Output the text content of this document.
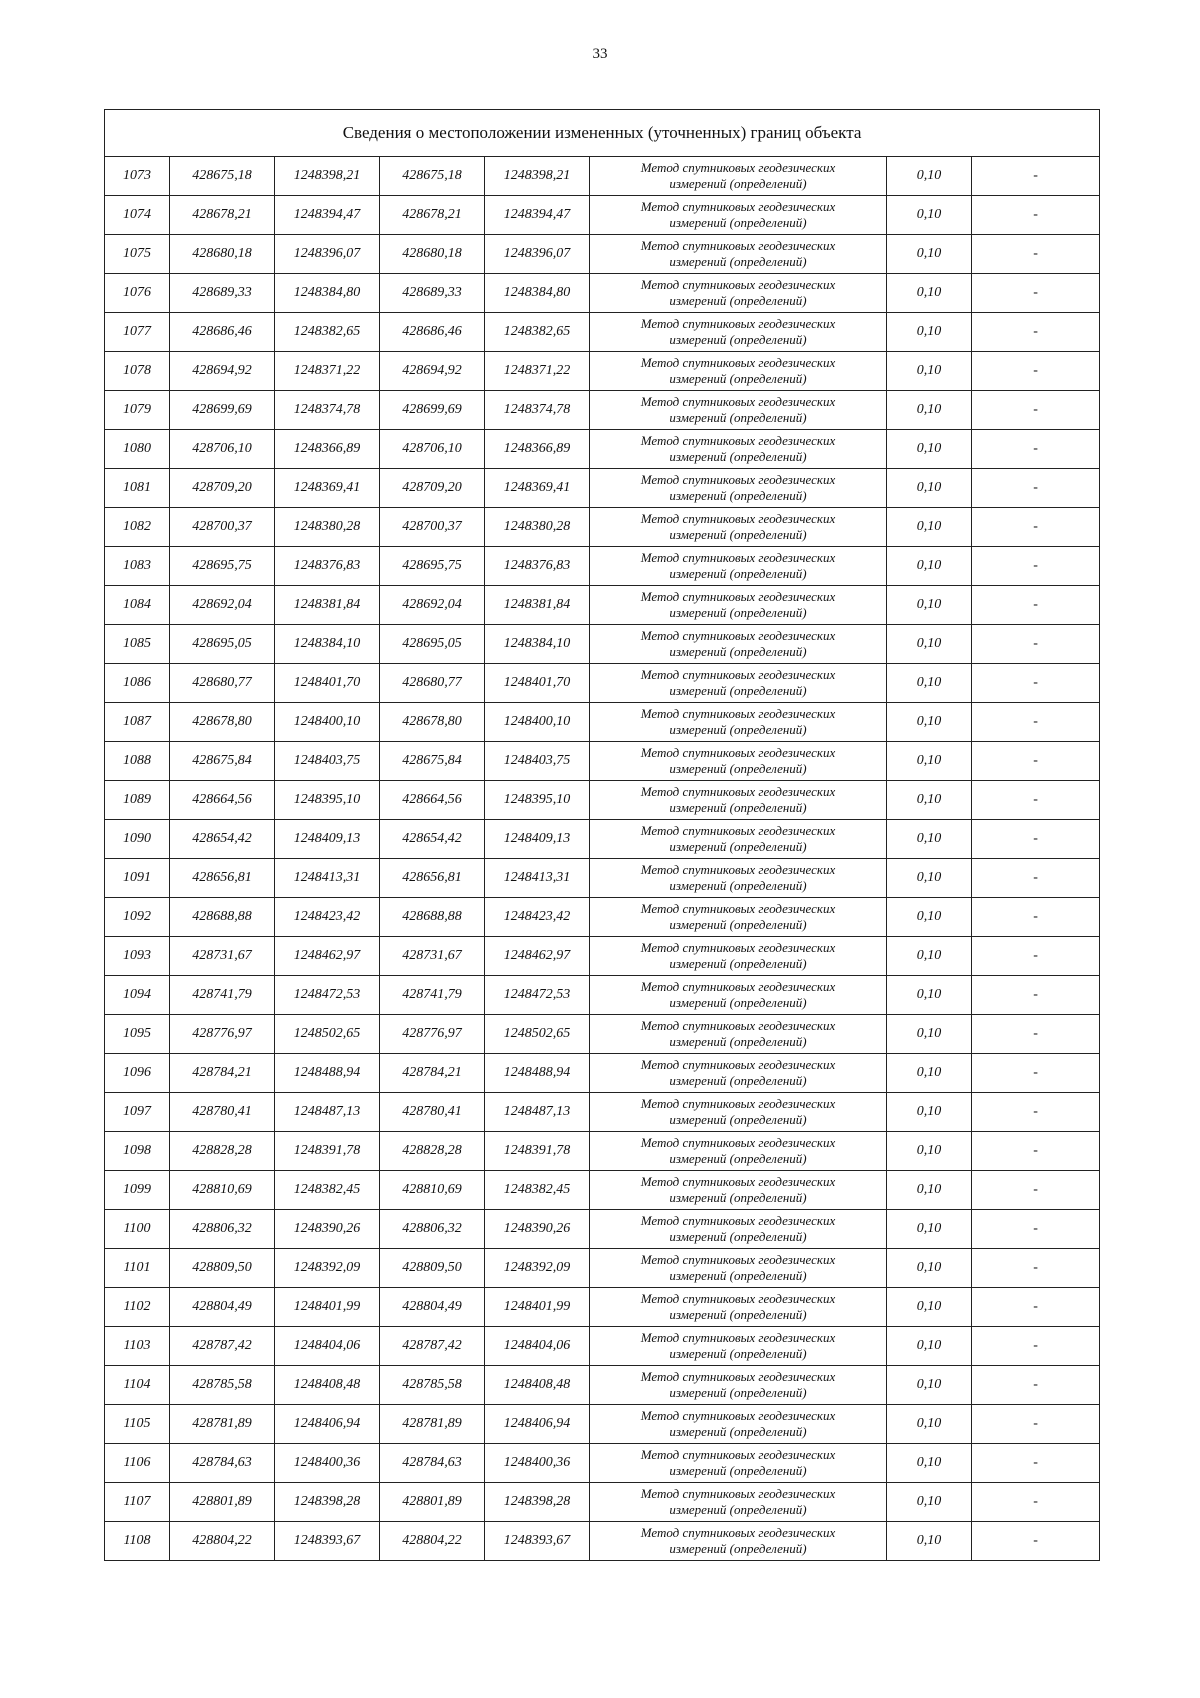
33
Сведения о местоположении измененных (уточненных) границ объекта							
1073	428675,18	1248398,21	428675,18	1248398,21	Метод спутниковых геодезических
измерений (определений)	0,10	-
1074	428678,21	1248394,47	428678,21	1248394,47	Метод спутниковых геодезических
измерений (определений)	0,10	-
1075	428680,18	1248396,07	428680,18	1248396,07	Метод спутниковых геодезических
измерений (определений)	0,10	-
1076	428689,33	1248384,80	428689,33	1248384,80	Метод спутниковых геодезических
измерений (определений)	0,10	-
1077	428686,46	1248382,65	428686,46	1248382,65	Метод спутниковых геодезических
измерений (определений)	0,10	-
1078	428694,92	1248371,22	428694,92	1248371,22	Метод спутниковых геодезических
измерений (определений)	0,10	-
1079	428699,69	1248374,78	428699,69	1248374,78	Метод спутниковых геодезических
измерений (определений)	0,10	-
1080	428706,10	1248366,89	428706,10	1248366,89	Метод спутниковых геодезических
измерений (определений)	0,10	-
1081	428709,20	1248369,41	428709,20	1248369,41	Метод спутниковых геодезических
измерений (определений)	0,10	-
1082	428700,37	1248380,28	428700,37	1248380,28	Метод спутниковых геодезических
измерений (определений)	0,10	-
1083	428695,75	1248376,83	428695,75	1248376,83	Метод спутниковых геодезических
измерений (определений)	0,10	-
1084	428692,04	1248381,84	428692,04	1248381,84	Метод спутниковых геодезических
измерений (определений)	0,10	-
1085	428695,05	1248384,10	428695,05	1248384,10	Метод спутниковых геодезических
измерений (определений)	0,10	-
1086	428680,77	1248401,70	428680,77	1248401,70	Метод спутниковых геодезических
измерений (определений)	0,10	-
1087	428678,80	1248400,10	428678,80	1248400,10	Метод спутниковых геодезических
измерений (определений)	0,10	-
1088	428675,84	1248403,75	428675,84	1248403,75	Метод спутниковых геодезических
измерений (определений)	0,10	-
1089	428664,56	1248395,10	428664,56	1248395,10	Метод спутниковых геодезических
измерений (определений)	0,10	-
1090	428654,42	1248409,13	428654,42	1248409,13	Метод спутниковых геодезических
измерений (определений)	0,10	-
1091	428656,81	1248413,31	428656,81	1248413,31	Метод спутниковых геодезических
измерений (определений)	0,10	-
1092	428688,88	1248423,42	428688,88	1248423,42	Метод спутниковых геодезических
измерений (определений)	0,10	-
1093	428731,67	1248462,97	428731,67	1248462,97	Метод спутниковых геодезических
измерений (определений)	0,10	-
1094	428741,79	1248472,53	428741,79	1248472,53	Метод спутниковых геодезических
измерений (определений)	0,10	-
1095	428776,97	1248502,65	428776,97	1248502,65	Метод спутниковых геодезических
измерений (определений)	0,10	-
1096	428784,21	1248488,94	428784,21	1248488,94	Метод спутниковых геодезических
измерений (определений)	0,10	-
1097	428780,41	1248487,13	428780,41	1248487,13	Метод спутниковых геодезических
измерений (определений)	0,10	-
1098	428828,28	1248391,78	428828,28	1248391,78	Метод спутниковых геодезических
измерений (определений)	0,10	-
1099	428810,69	1248382,45	428810,69	1248382,45	Метод спутниковых геодезических
измерений (определений)	0,10	-
1100	428806,32	1248390,26	428806,32	1248390,26	Метод спутниковых геодезических
измерений (определений)	0,10	-
1101	428809,50	1248392,09	428809,50	1248392,09	Метод спутниковых геодезических
измерений (определений)	0,10	-
1102	428804,49	1248401,99	428804,49	1248401,99	Метод спутниковых геодезических
измерений (определений)	0,10	-
1103	428787,42	1248404,06	428787,42	1248404,06	Метод спутниковых геодезических
измерений (определений)	0,10	-
1104	428785,58	1248408,48	428785,58	1248408,48	Метод спутниковых геодезических
измерений (определений)	0,10	-
1105	428781,89	1248406,94	428781,89	1248406,94	Метод спутниковых геодезических
измерений (определений)	0,10	-
1106	428784,63	1248400,36	428784,63	1248400,36	Метод спутниковых геодезических
измерений (определений)	0,10	-
1107	428801,89	1248398,28	428801,89	1248398,28	Метод спутниковых геодезических
измерений (определений)	0,10	-
1108	428804,22	1248393,67	428804,22	1248393,67	Метод спутниковых геодезических
измерений (определений)	0,10	-
